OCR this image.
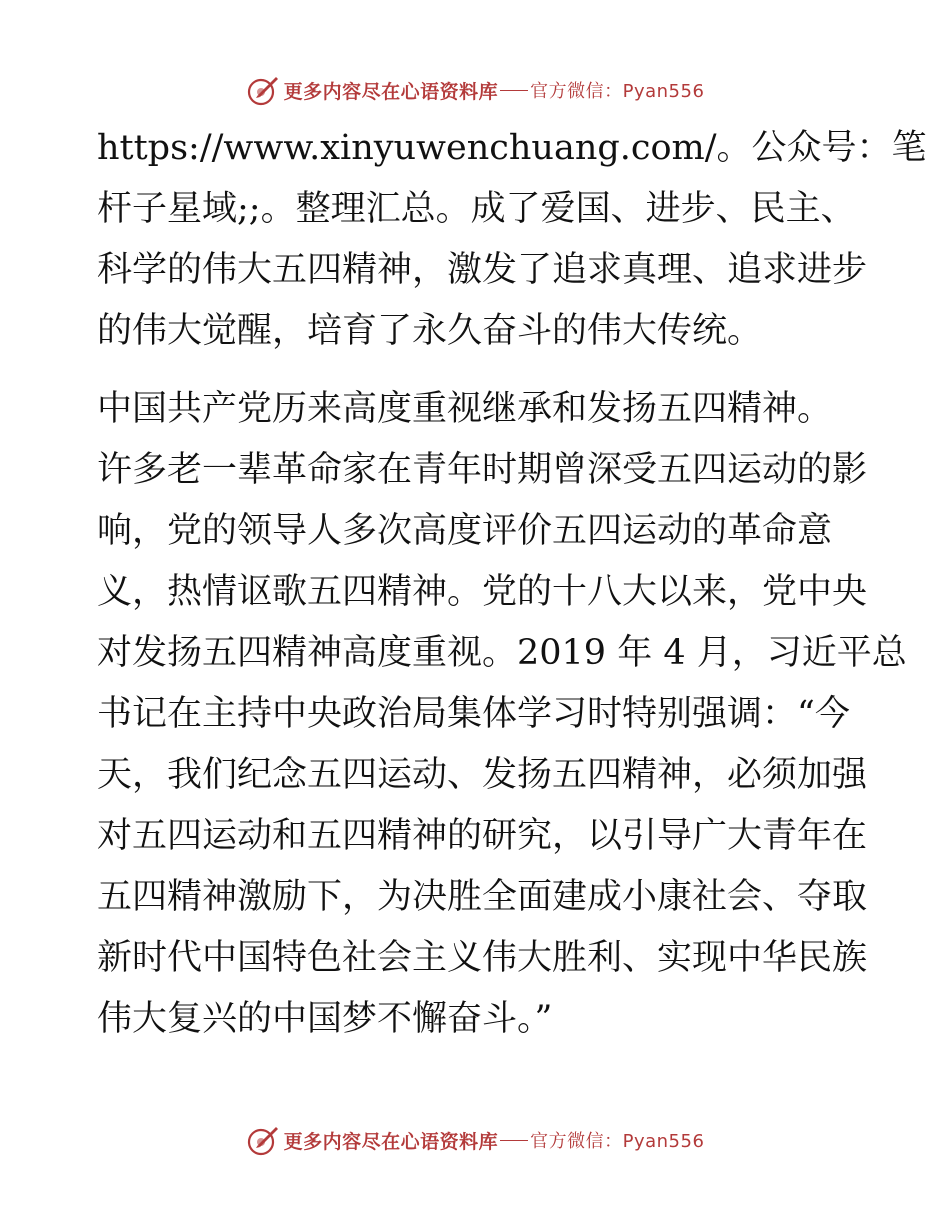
更多内容尽在心语资料库 官方微信：Pyan556

https://www.xinyuwenchuang.com/。公众号：笔
杆子星域;;。整理汇总。成了爱国、进步、民主、
科学的伟大五四精神，激发了追求真理、追求进步
的伟大觉醒，培育了永久奋斗的伟大传统。

中国共产党历来高度重视继承和发扬五四精神。
许多老一辈革命家在青年时期曾深受五四运动的影
响，党的领导人多次高度评价五四运动的革命意
义，热情讴歌五四精神。党的十八大以来，党中央
对发扬五四精神高度重视。2019 年 4 月，习近平总
书记在主持中央政治局集体学习时特别强调：“今
天，我们纪念五四运动、发扬五四精神，必须加强
对五四运动和五四精神的研究，以引导广大青年在
五四精神激励下，为决胜全面建成小康社会、夺取
新时代中国特色社会主义伟大胜利、实现中华民族
伟大复兴的中国梦不懈奋斗。”

更多内容尽在心语资料库 官方微信：Pyan556
